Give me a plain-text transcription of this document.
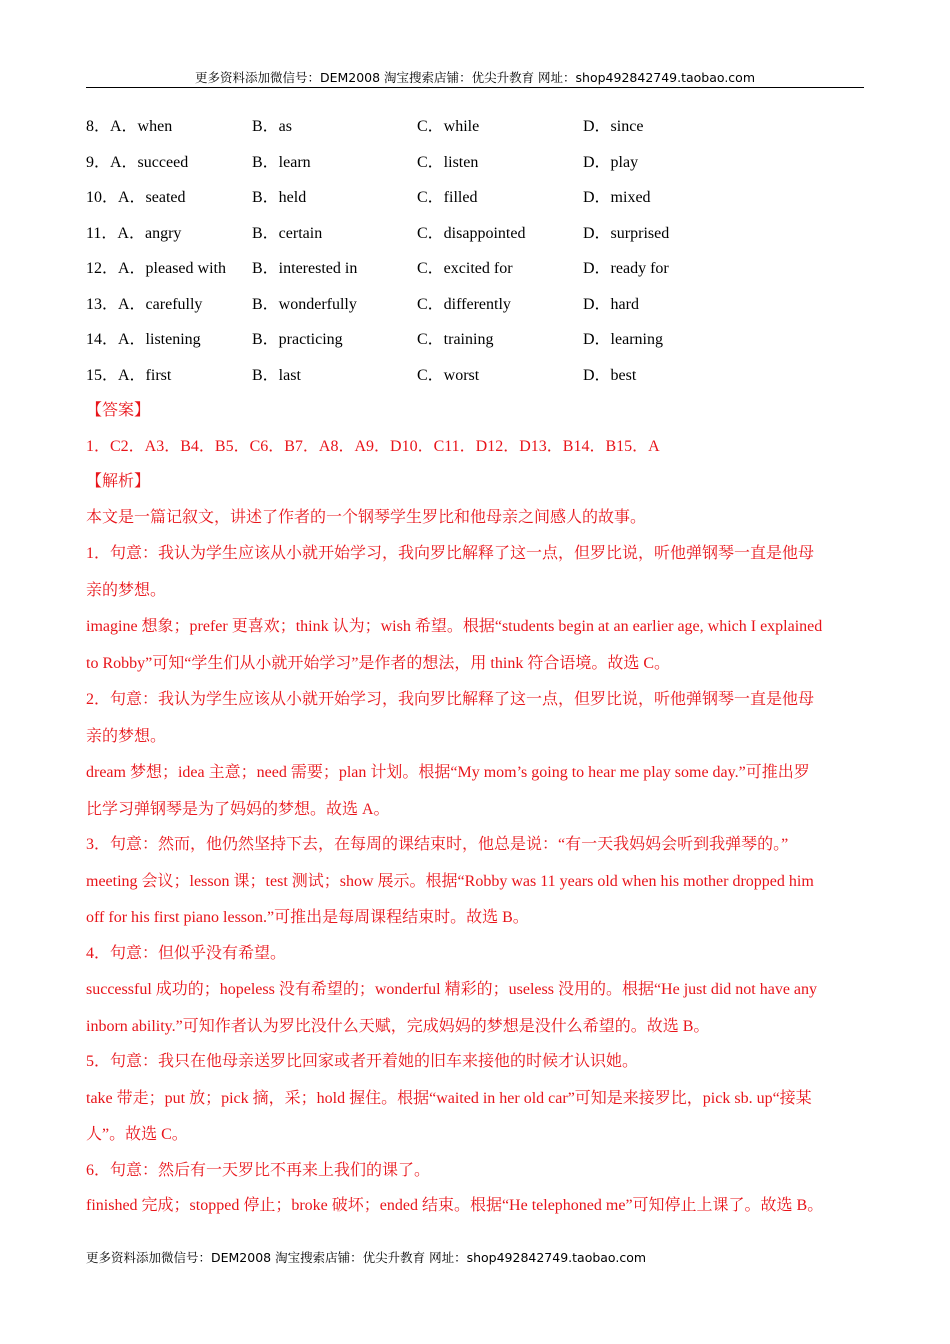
更多资料添加微信号：DEM2008 淘宝搜索店铺：优尖升教育 网址：shop492842749.taobao.com
8．A．when	B．as	C．while	D．since
9．A．succeed	B．learn	C．listen	D．play
10．A．seated	B．held	C．filled	D．mixed
11．A．angry	B．certain	C．disappointed	D．surprised
12．A．pleased with B．interested in	C．excited for	D．ready for
13．A．carefully	B．wonderfully	C．differently	D．hard
14．A．listening	B．practicing	C．training	D．learning
15．A．first	B．last	C．worst	D．best
【答案】
1．C2．A3．B4．B5．C6．B7．A8．A9．D10．C11．D12．D13．B14．B15．A
【解析】
本文是一篇记叙文，讲述了作者的一个钢琴学生罗比和他母亲之间感人的故事。
1．句意：我认为学生应该从小就开始学习，我向罗比解释了这一点，但罗比说，听他弹钢琴一直是他母
亲的梦想。
imagine 想象；prefer 更喜欢；think 认为；wish 希望。根据“students begin at an earlier age, which I explained
to Robby”可知“学生们从小就开始学习”是作者的想法，用 think 符合语境。故选 C。
2．句意：我认为学生应该从小就开始学习，我向罗比解释了这一点，但罗比说，听他弹钢琴一直是他母
亲的梦想。
dream 梦想；idea 主意；need 需要；plan 计划。根据“My mom’s going to hear me play some day.”可推出罗
比学习弹钢琴是为了妈妈的梦想。故选 A。
3．句意：然而，他仍然坚持下去，在每周的课结束时，他总是说：“有一天我妈妈会听到我弹琴的。”
meeting 会议；lesson 课；test 测试；show 展示。根据“Robby was 11 years old when his mother dropped him
off for his first piano lesson.”可推出是每周课程结束时。故选 B。
4．句意：但似乎没有希望。
successful 成功的；hopeless 没有希望的；wonderful 精彩的；useless 没用的。根据“He just did not have any
inborn ability.”可知作者认为罗比没什么天赋，完成妈妈的梦想是没什么希望的。故选 B。
5．句意：我只在他母亲送罗比回家或者开着她的旧车来接他的时候才认识她。
take 带走；put 放；pick 摘，采；hold 握住。根据“waited in her old car”可知是来接罗比，pick sb. up“接某
人”。故选 C。
6．句意：然后有一天罗比不再来上我们的课了。
finished 完成；stopped 停止；broke 破坏；ended 结束。根据“He telephoned me”可知停止上课了。故选 B。
更多资料添加微信号：DEM2008 淘宝搜索店铺：优尖升教育 网址：shop492842749.taobao.com
